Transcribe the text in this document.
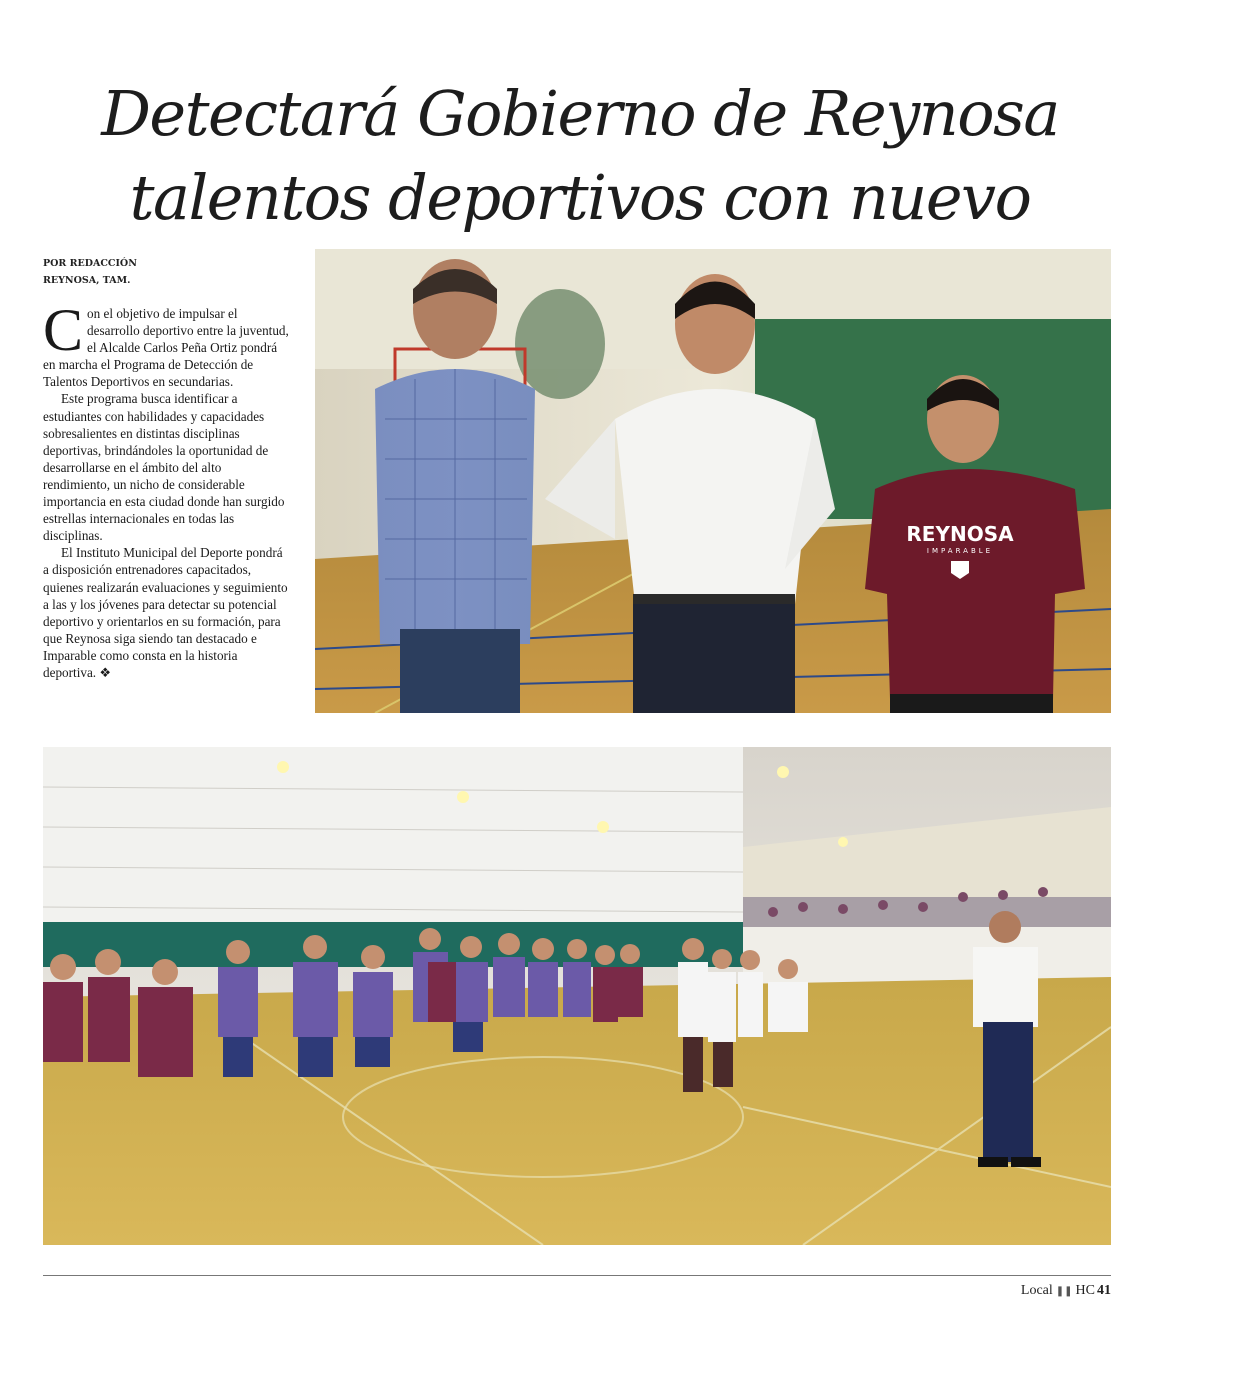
Detectará Gobierno de Reynosa
talentos deportivos con nuevo
POR REDACCIÓN
REYNOSA, TAM.

Con el objetivo de impulsar el desarrollo deportivo entre la juventud, el Alcalde Carlos Peña Ortiz pondrá en marcha el Programa de Detección de Talentos Deportivos en secundarias.

Este programa busca identificar a estudiantes con habilidades y capacidades sobresalientes en distintas disciplinas deportivas, brindándoles la oportunidad de desarrollarse en el ámbito del alto rendimiento, un nicho de considerable importancia en esta ciudad donde han surgido estrellas internacionales en todas las disciplinas.

El Instituto Municipal del Deporte pondrá a disposición entrenadores capacitados, quienes realizarán evaluaciones y seguimiento a las y los jóvenes para detectar su potencial deportivo y orientarlos en su formación, para que Reynosa siga siendo tan destacado e Imparable como consta en la historia deportiva. ❖

REYNOSA
IMPARABLE
Local ❚❚ HC 41
